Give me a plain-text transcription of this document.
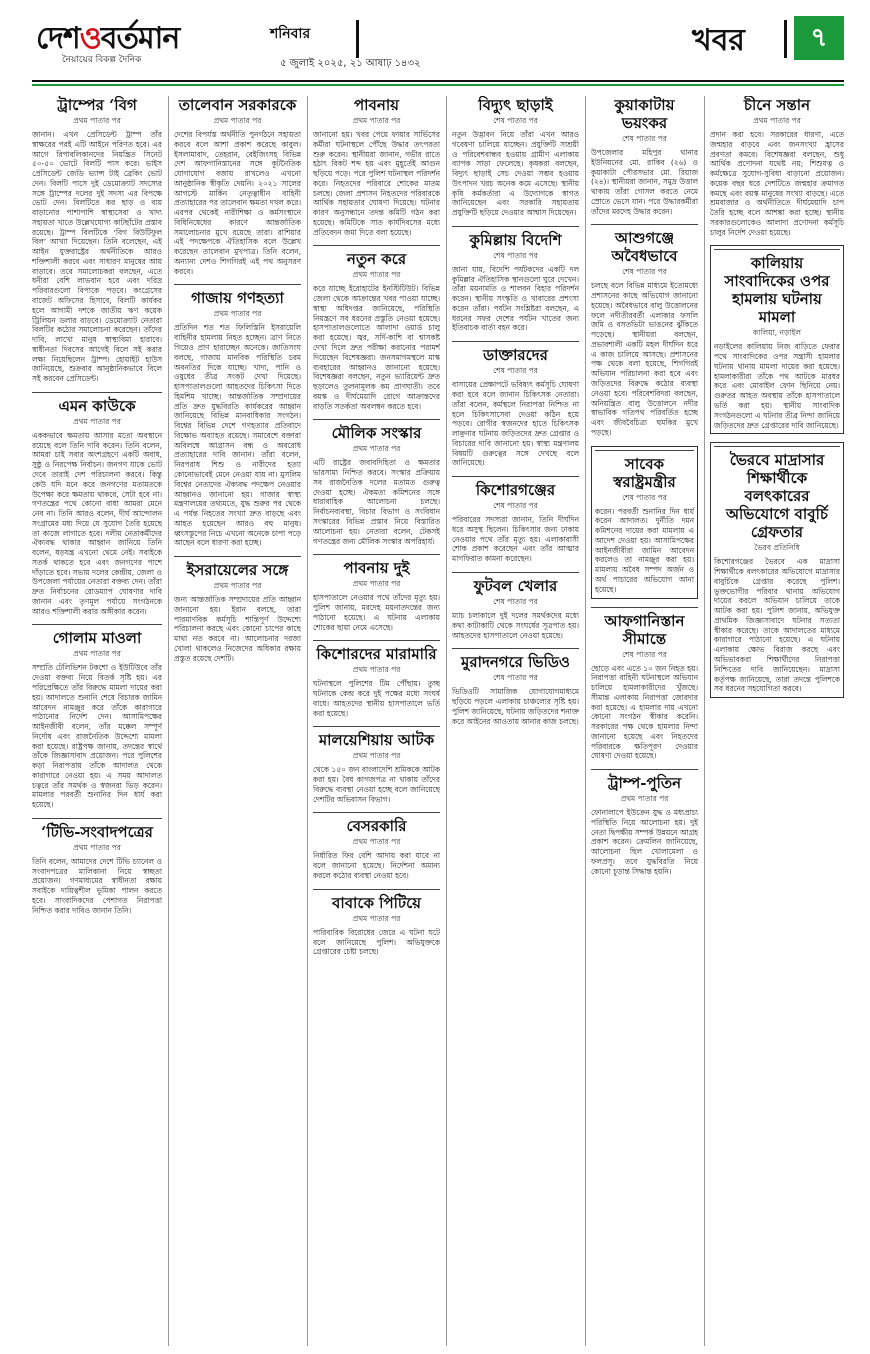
দেশওবর্তমান
নৈয়ায়ের বিকল্প দৈনিক
শনিবার
৫ জুলাই ২০২৫, ২১ আষাঢ় ১৪৩২
খবর	৭
ট্রাম্পের ‘বিগ
প্রথম পাতার পর
জানান। এখন প্রেসিডেন্ট ট্রাম্প তাঁর স্বাক্ষরের পরই এটি আইনে পরিণত হবে। এর আগে রিপাবলিকানদের নিয়ন্ত্রিত সিনেট ৫০-৫০ ভোটে বিলটি পাস করে। ভাইস প্রেসিডেন্ট জেডি ভ্যান্স টাই ব্রেকিং ভোট দেন। বিলটি পাসে দুই ডেমোক্র্যাট সদস্যের সঙ্গে ট্রাম্পের দলের দুই সদস্য এর বিপক্ষে ভোট দেন। বিলটিতে কর ছাড় ও ব্যয় বাড়ানোর পাশাপাশি স্বাস্থ্যসেবা ও খাদ্য সহায়তা খাতে উল্লেখযোগ্য কাটছাঁটের প্রস্তাব রয়েছে। ট্রাম্প বিলটিকে ‘বিগ বিউটিফুল বিল’ আখ্যা দিয়েছেন। তিনি বলেছেন, এই আইন যুক্তরাষ্ট্রের অর্থনীতিকে আরও শক্তিশালী করবে এবং সাধারণ মানুষের আয় বাড়াবে। তবে সমালোচকরা বলছেন, এতে ধনীরা বেশি লাভবান হবে এবং দরিদ্র পরিবারগুলো বিপাকে পড়বে। কংগ্রেসের বাজেট অফিসের হিসাবে, বিলটি কার্যকর হলে আগামী দশকে জাতীয় ঋণ কয়েক ট্রিলিয়ন ডলার বাড়বে। ডেমোক্র্যাট নেতারা বিলটির কঠোর সমালোচনা করেছেন। তাঁদের দাবি, লাখো মানুষ স্বাস্থ্যবিমা হারাবে। স্বাধীনতা দিবসের আগেই বিলে সই করার লক্ষ্য নিয়েছিলেন ট্রাম্প। হোয়াইট হাউস জানিয়েছে, শুক্রবার আনুষ্ঠানিকভাবে বিলে সই করবেন প্রেসিডেন্ট।
এমন কাউকে
প্রথম পাতার পর
এককভাবে ক্ষমতায় আসার মতো অবস্থানে রয়েছে বলে তিনি দাবি করেন। তিনি বলেন, আমরা চাই সবার অংশগ্রহণে একটি অবাধ, সুষ্ঠু ও নিরপেক্ষ নির্বাচন। জনগণ যাকে ভোট দেবে তারাই দেশ পরিচালনা করবে। কিন্তু কেউ যদি মনে করে জনগণের মতামতকে উপেক্ষা করে ক্ষমতায় থাকবে, সেটা হবে না। গণতন্ত্রের পথে কোনো বাধা আমরা মেনে নেব না। তিনি আরও বলেন, দীর্ঘ আন্দোলন সংগ্রামের মধ্য দিয়ে যে সুযোগ তৈরি হয়েছে তা কাজে লাগাতে হবে। দলীয় নেতাকর্মীদের ঐক্যবদ্ধ থাকার আহ্বান জানিয়ে তিনি বলেন, ষড়যন্ত্র এখনো থেমে নেই। সবাইকে সতর্ক থাকতে হবে এবং জনগণের পাশে দাঁড়াতে হবে। সভায় দলের কেন্দ্রীয়, জেলা ও উপজেলা পর্যায়ের নেতারা বক্তব্য দেন। তাঁরা দ্রুত নির্বাচনের রোডম্যাপ ঘোষণার দাবি জানান এবং তৃণমূল পর্যায়ে সংগঠনকে আরও শক্তিশালী করার অঙ্গীকার করেন।
গোলাম মাওলা
প্রথম পাতার পর
সম্প্রতি টেলিভিশন টকশো ও ইউটিউবে তাঁর দেওয়া বক্তব্য নিয়ে বিতর্ক সৃষ্টি হয়। এর পরিপ্রেক্ষিতে তাঁর বিরুদ্ধে মামলা দায়ের করা হয়। আদালতে শুনানি শেষে বিচারক জামিন আবেদন নামঞ্জুর করে তাঁকে কারাগারে পাঠানোর নির্দেশ দেন। আসামিপক্ষের আইনজীবী বলেন, তাঁর মক্কেল সম্পূর্ণ নির্দোষ এবং রাজনৈতিক উদ্দেশ্যে মামলা করা হয়েছে। রাষ্ট্রপক্ষ জানায়, তদন্তের স্বার্থে তাঁকে জিজ্ঞাসাবাদ প্রয়োজন। পরে পুলিশের কড়া নিরাপত্তায় তাঁকে আদালত থেকে কারাগারে নেওয়া হয়। এ সময় আদালত চত্বরে তাঁর সমর্থক ও স্বজনরা ভিড় করেন। মামলার পরবর্তী শুনানির দিন ধার্য করা হয়েছে।
‘টিভি-সংবাদপত্রের
প্রথম পাতার পর
তিনি বলেন, আমাদের দেশে টিভি চ্যানেল ও সংবাদপত্রের মালিকানা নিয়ে স্বচ্ছতা প্রয়োজন। গণমাধ্যমের স্বাধীনতা রক্ষায় সবাইকে দায়িত্বশীল ভূমিকা পালন করতে হবে। সাংবাদিকদের পেশাগত নিরাপত্তা নিশ্চিত করার দাবিও জানান তিনি।
তালেবান সরকারকে
প্রথম পাতার পর
দেশের বিপর্যস্ত অর্থনীতি পুনর্গঠনে সহায়তা করবে বলে আশা প্রকাশ করেছে কাবুল। ইসলামাবাদ, তেহরান, বেইজিংসহ বিভিন্ন দেশ আফগানিস্তানের সঙ্গে কূটনৈতিক যোগাযোগ বজায় রাখলেও এখনো আনুষ্ঠানিক স্বীকৃতি দেয়নি। ২০২১ সালের আগস্টে মার্কিন নেতৃত্বাধীন বাহিনী প্রত্যাহারের পর তালেবান ক্ষমতা দখল করে। এরপর থেকেই নারীশিক্ষা ও কর্মসংস্থানে বিধিনিষেধের কারণে আন্তর্জাতিক সমালোচনার মুখে রয়েছে তারা। রাশিয়ার এই পদক্ষেপকে ঐতিহাসিক বলে উল্লেখ করেছেন তালেবান মুখপাত্র। তিনি বলেন, অন্যান্য দেশও শিগগিরই এই পথ অনুসরণ করবে।
গাজায় গণহত্যা
প্রথম পাতার পর
প্রতিদিন শত শত ফিলিস্তিনি ইসরায়েলি বাহিনীর হামলায় নিহত হচ্ছেন। ত্রাণ নিতে গিয়েও প্রাণ হারাচ্ছেন অনেকে। জাতিসংঘ বলছে, গাজায় মানবিক পরিস্থিতি চরম অবনতির দিকে যাচ্ছে। খাদ্য, পানি ও ওষুধের তীব্র সংকট দেখা দিয়েছে। হাসপাতালগুলো আহতদের চিকিৎসা দিতে হিমশিম খাচ্ছে। আন্তর্জাতিক সম্প্রদায়ের প্রতি দ্রুত যুদ্ধবিরতি কার্যকরের আহ্বান জানিয়েছে বিভিন্ন মানবাধিকার সংগঠন। বিশ্বের বিভিন্ন দেশে গণহত্যার প্রতিবাদে বিক্ষোভ অব্যাহত রয়েছে। সমাবেশে বক্তারা অবিলম্বে আগ্রাসন বন্ধ ও অবরোধ প্রত্যাহারের দাবি জানান। তাঁরা বলেন, নিরপরাধ শিশু ও নারীদের হত্যা কোনোভাবেই মেনে নেওয়া যায় না। মুসলিম বিশ্বের নেতাদের ঐক্যবদ্ধ পদক্ষেপ নেওয়ার আহ্বানও জানানো হয়। গাজার স্বাস্থ্য মন্ত্রণালয়ের তথ্যমতে, যুদ্ধ শুরুর পর থেকে এ পর্যন্ত নিহতের সংখ্যা দ্রুত বাড়ছে এবং আহত হয়েছেন আরও বহু মানুষ। ধ্বংসস্তূপের নিচে এখনো অনেকে চাপা পড়ে আছেন বলে ধারণা করা হচ্ছে।
ইসরায়েলের সঙ্গে
প্রথম পাতার পর
জন্য আন্তর্জাতিক সম্প্রদায়ের প্রতি আহ্বান জানানো হয়। ইরান বলছে, তারা পারমাণবিক কর্মসূচি শান্তিপূর্ণ উদ্দেশ্যে পরিচালনা করছে এবং কোনো চাপের কাছে মাথা নত করবে না। আলোচনার দরজা খোলা থাকলেও নিজেদের অধিকার রক্ষায় প্রস্তুত রয়েছে দেশটি।
পাবনায়
প্রথম পাতার পর
জানানো হয়। খবর পেয়ে ফায়ার সার্ভিসের কর্মীরা ঘটনাস্থলে পৌঁছে উদ্ধার তৎপরতা শুরু করেন। স্থানীয়রা জানান, গভীর রাতে হঠাৎ বিকট শব্দ হয় এবং মুহূর্তেই আগুন ছড়িয়ে পড়ে। পরে পুলিশ ঘটনাস্থল পরিদর্শন করে। নিহতদের পরিবারে শোকের মাতম চলছে। জেলা প্রশাসন নিহতদের পরিবারকে আর্থিক সহায়তার ঘোষণা দিয়েছে। ঘটনার কারণ অনুসন্ধানে তদন্ত কমিটি গঠন করা হয়েছে। কমিটিকে সাত কার্যদিবসের মধ্যে প্রতিবেদন জমা দিতে বলা হয়েছে।
নতুন করে
প্রথম পাতার পর
করে যাচ্ছে ইরোহাটের ইনস্টিটিউট। বিভিন্ন জেলা থেকে আক্রান্তের খবর পাওয়া যাচ্ছে। স্বাস্থ্য অধিদপ্তর জানিয়েছে, পরিস্থিতি নিয়ন্ত্রণে সব ধরনের প্রস্তুতি নেওয়া হয়েছে। হাসপাতালগুলোতে আলাদা ওয়ার্ড চালু করা হয়েছে। জ্বর, সর্দি-কাশি বা শ্বাসকষ্ট দেখা দিলে দ্রুত পরীক্ষা করানোর পরামর্শ দিয়েছেন বিশেষজ্ঞরা। জনসমাগমস্থলে মাস্ক ব্যবহারের আহ্বানও জানানো হয়েছে। বিশেষজ্ঞরা বলছেন, নতুন ভ্যারিয়েন্ট দ্রুত ছড়ালেও তুলনামূলক কম প্রাণঘাতী। তবে বয়স্ক ও দীর্ঘমেয়াদি রোগে আক্রান্তদের বাড়তি সতর্কতা অবলম্বন করতে হবে।
মৌলিক সংস্কার
প্রথম পাতার পর
এটি রাষ্ট্রের জবাবদিহিতা ও ক্ষমতার ভারসাম্য নিশ্চিত করবে। সংস্কার প্রক্রিয়ায় সব রাজনৈতিক দলের মতামত গুরুত্ব দেওয়া হচ্ছে। ঐকমত্য কমিশনের সঙ্গে ধারাবাহিক আলোচনা চলছে। নির্বাচনব্যবস্থা, বিচার বিভাগ ও সংবিধান সংস্কারের বিভিন্ন প্রস্তাব নিয়ে বিস্তারিত আলোচনা হয়। নেতারা বলেন, টেকসই গণতন্ত্রের জন্য মৌলিক সংস্কার অপরিহার্য।
পাবনায় দুই
প্রথম পাতার পর
হাসপাতালে নেওয়ার পথে তাঁদের মৃত্যু হয়। পুলিশ জানায়, মরদেহ ময়নাতদন্তের জন্য পাঠানো হয়েছে। এ ঘটনায় এলাকায় শোকের ছায়া নেমে এসেছে।
কিশোরদের মারামারি
প্রথম পাতার পর
ঘটনাস্থলে পুলিশের টিম পৌঁছায়। তুচ্ছ ঘটনাকে কেন্দ্র করে দুই পক্ষের মধ্যে সংঘর্ষ বাধে। আহতদের স্থানীয় হাসপাতালে ভর্তি করা হয়েছে।
মালয়েশিয়ায় আটক
প্রথম পাতার পর
থেকে ১৫০ জন বাংলাদেশি শ্রমিককে আটক করা হয়। বৈধ কাগজপত্র না থাকায় তাঁদের বিরুদ্ধে ব্যবস্থা নেওয়া হচ্ছে বলে জানিয়েছে দেশটির অভিবাসন বিভাগ।
বেসরকারি
প্রথম পাতার পর
নির্ধারিত ফির বেশি আদায় করা যাবে না বলে জানানো হয়েছে। নির্দেশনা অমান্য করলে কঠোর ব্যবস্থা নেওয়া হবে।
বাবাকে পিটিয়ে
প্রথম পাতার পর
পারিবারিক বিরোধের জেরে এ ঘটনা ঘটে বলে জানিয়েছে পুলিশ। অভিযুক্তকে গ্রেপ্তারের চেষ্টা চলছে।
বিদ্যুৎ ছাড়াই
শেষ পাতার পর
নতুন উদ্ভাবন নিয়ে তাঁরা এখন আরও গবেষণা চালিয়ে যাচ্ছেন। প্রযুক্তিটি সাশ্রয়ী ও পরিবেশবান্ধব হওয়ায় গ্রামীণ এলাকায় ব্যাপক সাড়া ফেলেছে। কৃষকরা বলছেন, বিদ্যুৎ ছাড়াই সেচ দেওয়া সম্ভব হওয়ায় উৎপাদন খরচ অনেক কমে এসেছে। স্থানীয় কৃষি কর্মকর্তারা এ উদ্যোগকে স্বাগত জানিয়েছেন এবং সরকারি সহায়তায় প্রযুক্তিটি ছড়িয়ে দেওয়ার আশ্বাস দিয়েছেন।
কুমিল্লায় বিদেশি
শেষ পাতার পর
জানা যায়, বিদেশি পর্যটকদের একটি দল কুমিল্লার ঐতিহাসিক স্থানগুলো ঘুরে দেখেন। তাঁরা ময়নামতি ও শালবন বিহার পরিদর্শন করেন। স্থানীয় সংস্কৃতি ও খাবারের প্রশংসা করেন তাঁরা। পর্যটন সংশ্লিষ্টরা বলছেন, এ ধরনের সফর দেশের পর্যটন খাতের জন্য ইতিবাচক বার্তা বহন করে।
ডাক্তারদের
শেষ পাতার পর
বাসায়ের প্রেক্ষাপটে ভবিষ্যৎ কর্মসূচি ঘোষণা করা হবে বলে জানান চিকিৎসক নেতারা। তাঁরা বলেন, কর্মস্থলে নিরাপত্তা নিশ্চিত না হলে চিকিৎসাসেবা দেওয়া কঠিন হয়ে পড়বে। রোগীর স্বজনদের হাতে চিকিৎসক লাঞ্ছনার ঘটনায় জড়িতদের দ্রুত গ্রেপ্তার ও বিচারের দাবি জানানো হয়। স্বাস্থ্য মন্ত্রণালয় বিষয়টি গুরুত্বের সঙ্গে দেখছে বলে জানিয়েছে।
কিশোরগঞ্জের
শেষ পাতার পর
পরিবারের সদস্যরা জানান, তিনি দীর্ঘদিন ধরে অসুস্থ ছিলেন। চিকিৎসার জন্য ঢাকায় নেওয়ার পথে তাঁর মৃত্যু হয়। এলাকাবাসী শোক প্রকাশ করেছেন এবং তাঁর আত্মার মাগফিরাত কামনা করেছেন।
ফুটবল খেলার
শেষ পাতার পর
ম্যাচ চলাকালে দুই দলের সমর্থকদের মধ্যে কথা কাটাকাটি থেকে সংঘর্ষের সূত্রপাত হয়। আহতদের হাসপাতালে নেওয়া হয়েছে।
মুরাদনগরে ভিডিও
শেষ পাতার পর
ভিডিওটি সামাজিক যোগাযোগমাধ্যমে ছড়িয়ে পড়লে এলাকায় চাঞ্চল্যের সৃষ্টি হয়। পুলিশ জানিয়েছে, ঘটনায় জড়িতদের শনাক্ত করে আইনের আওতায় আনার কাজ চলছে।
কুয়াকাটায় ভয়ংকর
শেষ পাতার পর
উপজেলার মহিপুর থানার ইউনিয়নের মো. রাকিব (২৬) ও কুয়াকাটা পৌরসভার মো. রিয়াজ (২৪)। স্থানীয়রা জানান, সমুদ্র উত্তাল থাকায় তাঁরা গোসল করতে নেমে স্রোতে ভেসে যান। পরে উদ্ধারকর্মীরা তাঁদের মরদেহ উদ্ধার করেন।
আশুগঞ্জে অবৈধভাবে
শেষ পাতার পর
চলছে বলে বিভিন্ন মাধ্যমে ইতোমধ্যে প্রশাসনের কাছে অভিযোগ জানানো হয়েছে। অবৈধভাবে বালু উত্তোলনের ফলে নদীতীরবর্তী এলাকার ফসলি জমি ও বসতভিটা ভাঙনের ঝুঁকিতে পড়েছে। স্থানীয়রা বলছেন, প্রভাবশালী একটি মহল দীর্ঘদিন ধরে এ কাজ চালিয়ে আসছে। প্রশাসনের পক্ষ থেকে বলা হয়েছে, শিগগিরই অভিযান পরিচালনা করা হবে এবং জড়িতদের বিরুদ্ধে কঠোর ব্যবস্থা নেওয়া হবে। পরিবেশবিদরা বলছেন, অনিয়ন্ত্রিত বালু উত্তোলনে নদীর স্বাভাবিক গতিপথ পরিবর্তিত হচ্ছে এবং জীববৈচিত্র্য হুমকির মুখে পড়ছে।
সাবেক স্বরাষ্ট্রমন্ত্রীর
শেষ পাতার পর
করেন। পরবর্তী শুনানির দিন ধার্য করেন আদালত। দুর্নীতি দমন কমিশনের দায়ের করা মামলায় এ আদেশ দেওয়া হয়। আসামিপক্ষের আইনজীবীরা জামিন আবেদন করলেও তা নামঞ্জুর করা হয়। মামলায় অবৈধ সম্পদ অর্জন ও অর্থ পাচারের অভিযোগ আনা হয়েছে।
আফগানিস্তান সীমান্তে
শেষ পাতার পর
ছোড়ে এবং এতে ১০ জন নিহত হয়। নিরাপত্তা বাহিনী ঘটনাস্থলে অভিযান চালিয়ে হামলাকারীদের খুঁজছে। সীমান্ত এলাকায় নিরাপত্তা জোরদার করা হয়েছে। এ হামলার দায় এখনো কোনো সংগঠন স্বীকার করেনি। সরকারের পক্ষ থেকে হামলার নিন্দা জানানো হয়েছে এবং নিহতদের পরিবারকে ক্ষতিপূরণ দেওয়ার ঘোষণা দেওয়া হয়েছে।
ট্রাম্প-পুতিন
প্রথম পাতার পর
ফোনালাপে ইউক্রেন যুদ্ধ ও মধ্যপ্রাচ্য পরিস্থিতি নিয়ে আলোচনা হয়। দুই নেতা দ্বিপক্ষীয় সম্পর্ক উন্নয়নে আগ্রহ প্রকাশ করেন। ক্রেমলিন জানিয়েছে, আলোচনা ছিল খোলামেলা ও ফলপ্রসূ। তবে যুদ্ধবিরতি নিয়ে কোনো চূড়ান্ত সিদ্ধান্ত হয়নি।
চীনে সন্তান
প্রথম পাতার পর
প্রদান করা হবে। সরকারের ধারণা, এতে জন্মহার বাড়বে এবং জনসংখ্যা হ্রাসের প্রবণতা কমবে। বিশেষজ্ঞরা বলছেন, শুধু আর্থিক প্রণোদনা যথেষ্ট নয়; শিশুযত্ন ও কর্মক্ষেত্রে সুযোগ-সুবিধা বাড়ানো প্রয়োজন। কয়েক বছর ধরে দেশটিতে জন্মহার ক্রমাগত কমছে এবং বয়স্ক মানুষের সংখ্যা বাড়ছে। এতে শ্রমবাজার ও অর্থনীতিতে দীর্ঘমেয়াদি চাপ তৈরি হচ্ছে বলে আশঙ্কা করা হচ্ছে। স্থানীয় সরকারগুলোকেও আলাদা প্রণোদনা কর্মসূচি চালুর নির্দেশ দেওয়া হয়েছে।
কালিয়ায় সাংবাদিকের ওপর হামলায় ঘটনায় মামলা
কালিয়া, নড়াইল
নড়াইলের কালিয়ায় নিজ বাড়িতে ফেরার পথে সাংবাদিকের ওপর সন্ত্রাসী হামলার ঘটনায় থানায় মামলা দায়ের করা হয়েছে। হামলাকারীরা তাঁকে পথ আটকে মারধর করে এবং মোবাইল ফোন ছিনিয়ে নেয়। গুরুতর আহত অবস্থায় তাঁকে হাসপাতালে ভর্তি করা হয়। স্থানীয় সাংবাদিক সংগঠনগুলো এ ঘটনার তীব্র নিন্দা জানিয়ে জড়িতদের দ্রুত গ্রেপ্তারের দাবি জানিয়েছে।
ভৈরবে মাদ্রাসার শিক্ষার্থীকে বলৎকারের অভিযোগে বাবুর্চি গ্রেফতার
ভৈরব প্রতিনিধি
কিশোরগঞ্জের ভৈরবে এক মাদ্রাসা শিক্ষার্থীকে বলৎকারের অভিযোগে মাদ্রাসার বাবুর্চিকে গ্রেপ্তার করেছে পুলিশ। ভুক্তভোগীর পরিবার থানায় অভিযোগ দায়ের করলে অভিযান চালিয়ে তাকে আটক করা হয়। পুলিশ জানায়, অভিযুক্ত প্রাথমিক জিজ্ঞাসাবাদে ঘটনার সত্যতা স্বীকার করেছে। তাকে আদালতের মাধ্যমে কারাগারে পাঠানো হয়েছে। এ ঘটনায় এলাকায় ক্ষোভ বিরাজ করছে এবং অভিভাবকরা শিক্ষার্থীদের নিরাপত্তা নিশ্চিতের দাবি জানিয়েছেন। মাদ্রাসা কর্তৃপক্ষ জানিয়েছে, তারা তদন্তে পুলিশকে সব ধরনের সহযোগিতা করবে।
